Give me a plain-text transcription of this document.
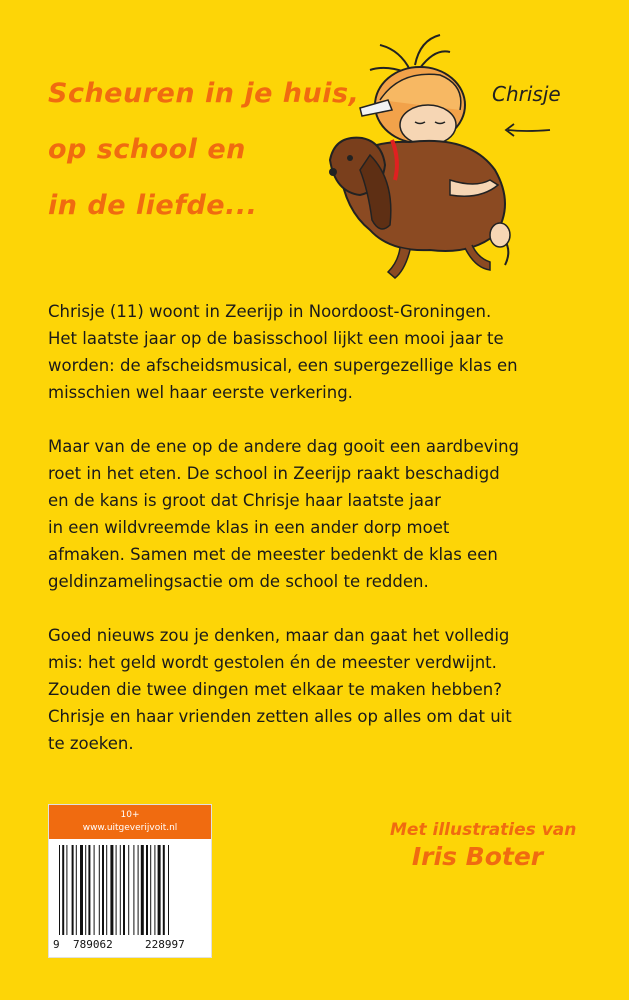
Scheuren in je huis,
op school en
in de liefde...
Chrisje

Chrisje (11) woont in Zeerijp in Noordoost-Groningen.
Het laatste jaar op de basisschool lijkt een mooi jaar te
worden: de afscheidsmusical, een supergezellige klas en
misschien wel haar eerste verkering.

Maar van de ene op de andere dag gooit een aardbeving
roet in het eten. De school in Zeerijp raakt beschadigd
en de kans is groot dat Chrisje haar laatste jaar
in een wildvreemde klas in een ander dorp moet
afmaken. Samen met de meester bedenkt de klas een
geldinzamelingsactie om de school te redden.

Goed nieuws zou je denken, maar dan gaat het volledig
mis: het geld wordt gestolen én de meester verdwijnt.
Zouden die twee dingen met elkaar te maken hebben?
Chrisje en haar vrienden zetten alles op alles om dat uit
te zoeken.

10+
www.uitgeverijvoit.nl
9 789062	228997
Met illustraties van
Iris Boter
